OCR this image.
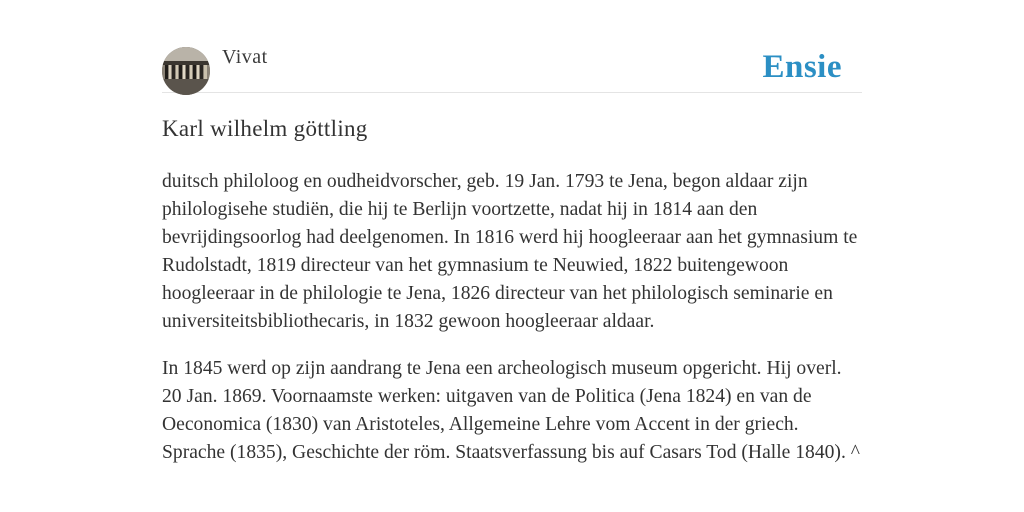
Vivat	Ensie
Karl wilhelm göttling

duitsch philoloog en oudheidvorscher, geb. 19 Jan. 1793 te Jena, begon aldaar zijn philologisehe studiën, die hij te Berlijn voortzette, nadat hij in 1814 aan den bevrijdingsoorlog had deelgenomen. In 1816 werd hij hoogleeraar aan het gymnasium te Rudolstadt, 1819 directeur van het gymnasium te Neuwied, 1822 buitengewoon hoogleeraar in de philologie te Jena, 1826 directeur van het philologisch seminarie en universiteitsbibliothecaris, in 1832 gewoon hoogleeraar aldaar.

In 1845 werd op zijn aandrang te Jena een archeologisch museum opgericht. Hij overl. 20 Jan. 1869. Voornaamste werken: uitgaven van de Politica (Jena 1824) en van de Oeconomica (1830) van Aristoteles, Allgemeine Lehre vom Accent in der griech. Sprache (1835), Geschichte der röm. Staatsverfassung bis auf Casars Tod (Halle 1840). ^
